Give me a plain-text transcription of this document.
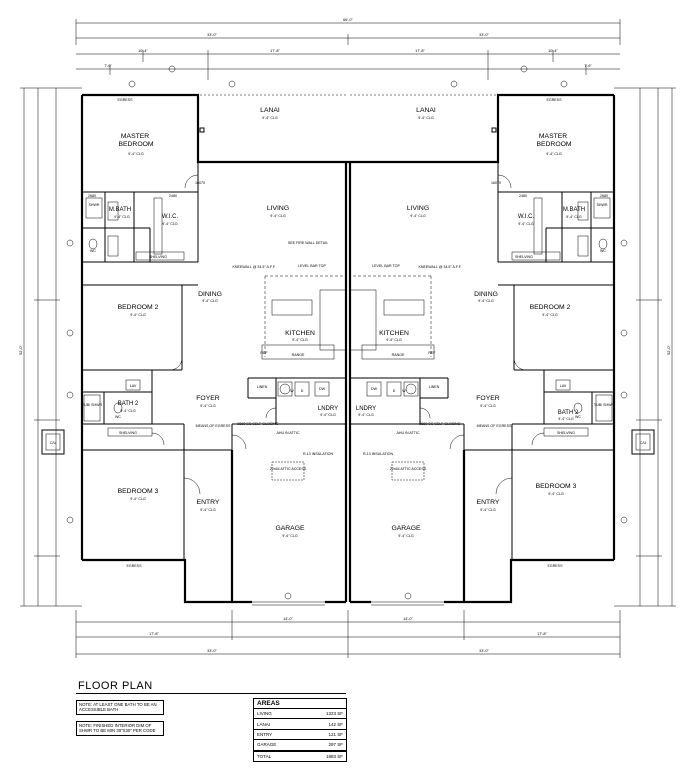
66'-0"
33'-0"	33'-0"
10'-4"	17'-8"	17'-8"	10'-4"
7'-6"	7'-6"
52'-0"	52'-0"
14'-0"	14'-0"
17'-8"	17'-8"
33'-0"	33'-0"
LANAI
9'-4" CLG
MASTER BEDROOM
9'-4" CLG
LIVING
9'-4" CLG
M.BATH
9'-4" CLG	W.I.C.
9'-4" CLG
DINING
9'-4" CLG
BEDROOM 2
9'-4" CLG
KITCHEN
9'-4" CLG
BATH 2
9'-4" CLG
FOYER
9'-4" CLG	LNDRY
9'-4" CLG
BEDROOM 3
9'-4" CLG	ENTRY
9'-4" CLG
GARAGE
9'-4" CLG
LANAI
9'-4" CLG
MASTER BEDROOM
9'-4" CLG
LIVING
9'-4" CLG
M.BATH
9'-4" CLG
W.I.C.
9'-4" CLG
DINING
9'-4" CLG
BEDROOM 2
9'-4" CLG
KITCHEN
9'-4" CLG
BATH 2
9'-4" CLG
FOYER
9'-4" CLG
LNDRY
9'-4" CLG
BEDROOM 3
9'-4" CLG
ENTRY
9'-4" CLG
GARAGE
9'-4" CLG
EGRESS	EGRESS
EGRESS	EGRESS
SHELVING	SHELVING
SHELVING	SHELVING
SHWR	SHWR
WC	WC
WC	WC
LAV	LAV
TUB/ SHWR	TUB/ SHWR
LINEN	LINEN
RANGE	RANGE
REF	REF
DW	DW
W D	W
D
C/U	C/U
SEE FIRE WALL DETAIL
KNEEWALL @ 34.5" A.F.F.	KNEEWALL @ 34.5" A.F.F.
LEVEL BAR TOP	LEVEL BAR TOP
MEANS OF EGRESS	MEANS OF EGRESS
AHU IN ATTIC	AHU IN ATTIC
R-13 INSULATION	R-13 INSULATION
22x54 ATTIC ACCESS	22x54 ATTIC ACCESS
2880 SC SELF CLOSING	2880 SC SELF CLOSING
2680	2480	2680
2480
16070	16070
FLOOR PLAN
NOTE: AT LEAST ONE BATH TO BE AN ACCESSIBLE BATH
NOTE: FINISHED INTERIOR DIM OF SHWR TO BE MIN 30"X30" PER CODE
AREAS
LIVING	1323 SF
LANAI	142 SF
ENTRY	121 SF
GARAGE	297 SF
TOTAL	1883 SF
